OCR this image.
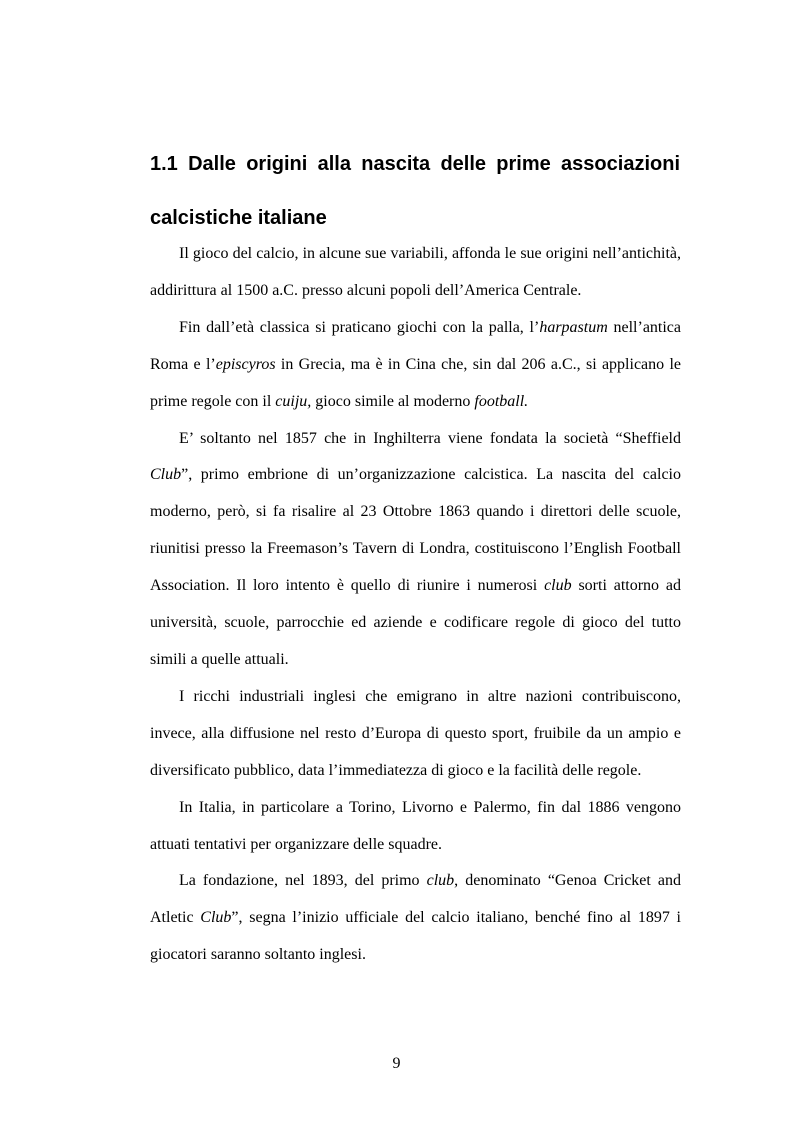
1.1 Dalle origini alla nascita delle prime associazioni
calcistiche italiane

Il gioco del calcio, in alcune sue variabili, affonda le sue origini nell’antichità, addirittura al 1500 a.C. presso alcuni popoli dell’America Centrale.

Fin dall’età classica si praticano giochi con la palla, l’harpastum nell’antica Roma e l’episcyros in Grecia, ma è in Cina che, sin dal 206 a.C., si applicano le prime regole con il cuiju, gioco simile al moderno football.

E’ soltanto nel 1857 che in Inghilterra viene fondata la società “Sheffield Club”, primo embrione di un’organizzazione calcistica. La nascita del calcio moderno, però, si fa risalire al 23 Ottobre 1863 quando i direttori delle scuole, riunitisi presso la Freemason’s Tavern di Londra, costituiscono l’English Football Association. Il loro intento è quello di riunire i numerosi club sorti attorno ad università, scuole, parrocchie ed aziende e codificare regole di gioco del tutto simili a quelle attuali.

I ricchi industriali inglesi che emigrano in altre nazioni contribuiscono, invece, alla diffusione nel resto d’Europa di questo sport, fruibile da un ampio e diversificato pubblico, data l’immediatezza di gioco e la facilità delle regole.

In Italia, in particolare a Torino, Livorno e Palermo, fin dal 1886 vengono attuati tentativi per organizzare delle squadre.

La fondazione, nel 1893, del primo club, denominato “Genoa Cricket and Atletic Club”, segna l’inizio ufficiale del calcio italiano, benché fino al 1897 i giocatori saranno soltanto inglesi.

9
